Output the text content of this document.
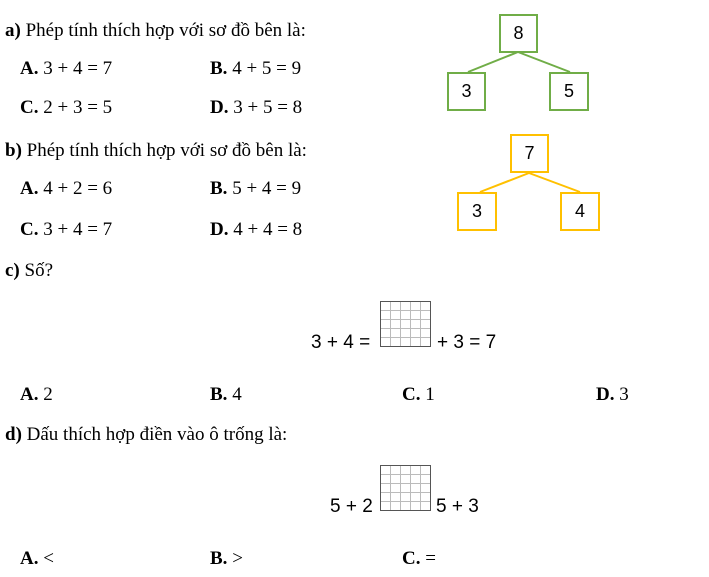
a) Phép tính thích hợp với sơ đồ bên là:
A. 3 + 4 = 7	B. 4 + 5 = 9
C. 2 + 3 = 5	D. 3 + 5 = 8
8
3	5
b) Phép tính thích hợp với sơ đồ bên là:
A. 4 + 2 = 6	B. 5 + 4 = 9
C. 3 + 4 = 7	D. 4 + 4 = 8
7
3	4
c) Số?
3 + 4 =	+ 3 = 7
A. 2	B. 4	C. 1	D. 3
d) Dấu thích hợp điền vào ô trống là:
5 + 2	5 + 3
A. <	B. >	C. =
